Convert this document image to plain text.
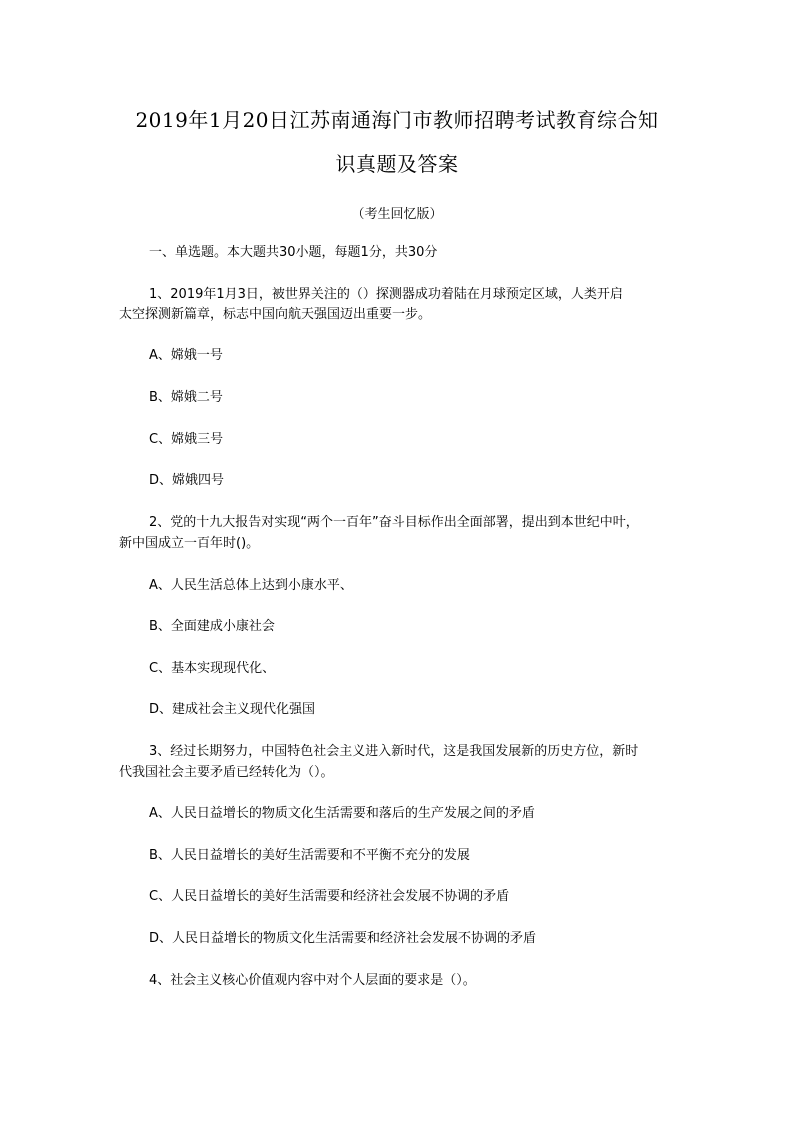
2019年1月20日江苏南通海门市教师招聘考试教育综合知
识真题及答案
（考生回忆版）
一、单选题。本大题共30小题，每题1分，共30分
1、2019年1月3日，被世界关注的（）探测器成功着陆在月球预定区域，人类开启
太空探测新篇章，标志中国向航天强国迈出重要一步。
A、嫦娥一号
B、嫦娥二号
C、嫦娥三号
D、嫦娥四号
2、党的十九大报告对实现“两个一百年”奋斗目标作出全面部署，提出到本世纪中叶，
新中国成立一百年时()。
A、人民生活总体上达到小康水平、
B、全面建成小康社会
C、基本实现现代化、
D、建成社会主义现代化强国
3、经过长期努力，中国特色社会主义进入新时代，这是我国发展新的历史方位，新时
代我国社会主要矛盾已经转化为（）。
A、人民日益增长的物质文化生活需要和落后的生产发展之间的矛盾
B、人民日益增长的美好生活需要和不平衡不充分的发展
C、人民日益增长的美好生活需要和经济社会发展不协调的矛盾
D、人民日益增长的物质文化生活需要和经济社会发展不协调的矛盾
4、社会主义核心价值观内容中对个人层面的要求是（）。
